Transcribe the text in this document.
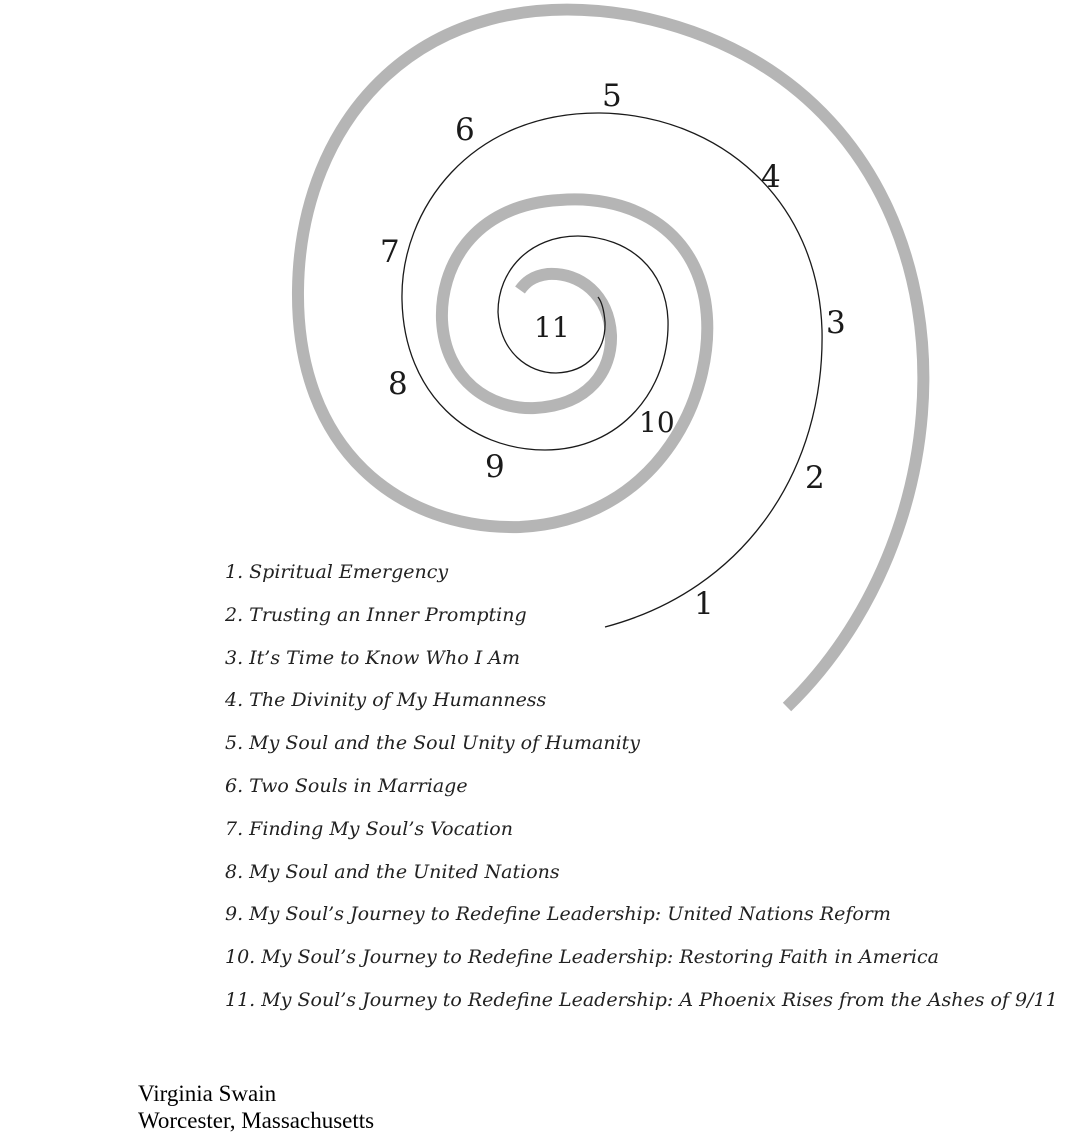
1
2
3
4
5
6
7
8
9
10
11
1. Spiritual Emergency
2. Trusting an Inner Prompting
3. It’s Time to Know Who I Am
4. The Divinity of My Humanness
5. My Soul and the Soul Unity of Humanity
6. Two Souls in Marriage
7. Finding My Soul’s Vocation
8. My Soul and the United Nations
9. My Soul’s Journey to Redefine Leadership: United Nations Reform
10. My Soul’s Journey to Redefine Leadership: Restoring Faith in America
11. My Soul’s Journey to Redefine Leadership: A Phoenix Rises from the Ashes of 9/11
Virginia Swain
Worcester, Massachusetts
